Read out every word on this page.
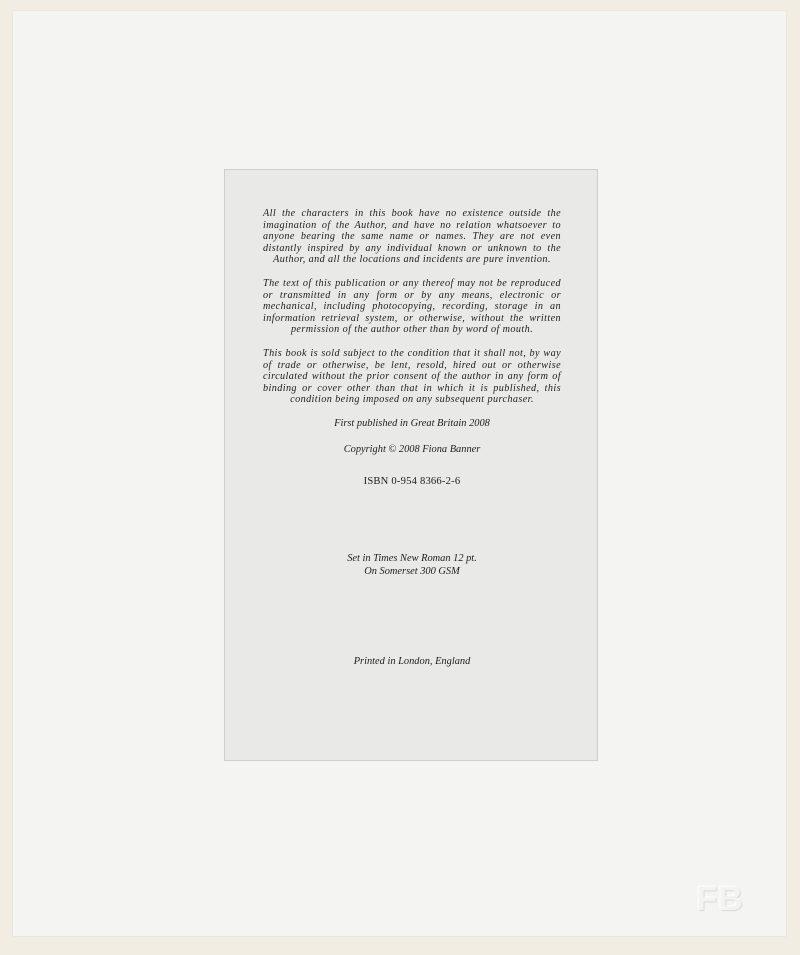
All the characters in this book have no existence outside the imagination of the Author, and have no relation whatsoever to anyone bearing the same name or names. They are not even distantly inspired by any individual known or unknown to the Author, and all the locations and incidents are pure invention.

The text of this publication or any thereof may not be reproduced or transmitted in any form or by any means, electronic or mechanical, including photocopying, recording, storage in an information retrieval system, or otherwise, without the written permission of the author other than by word of mouth.

This book is sold subject to the condition that it shall not, by way of trade or otherwise, be lent, resold, hired out or otherwise circulated without the prior consent of the author in any form of binding or cover other than that in which it is published, this condition being imposed on any subsequent purchaser.

First published in Great Britain 2008

Copyright © 2008 Fiona Banner

ISBN 0-954 8366-2-6

Set in Times New Roman 12 pt.

On Somerset 300 GSM

Printed in London, England

FB
